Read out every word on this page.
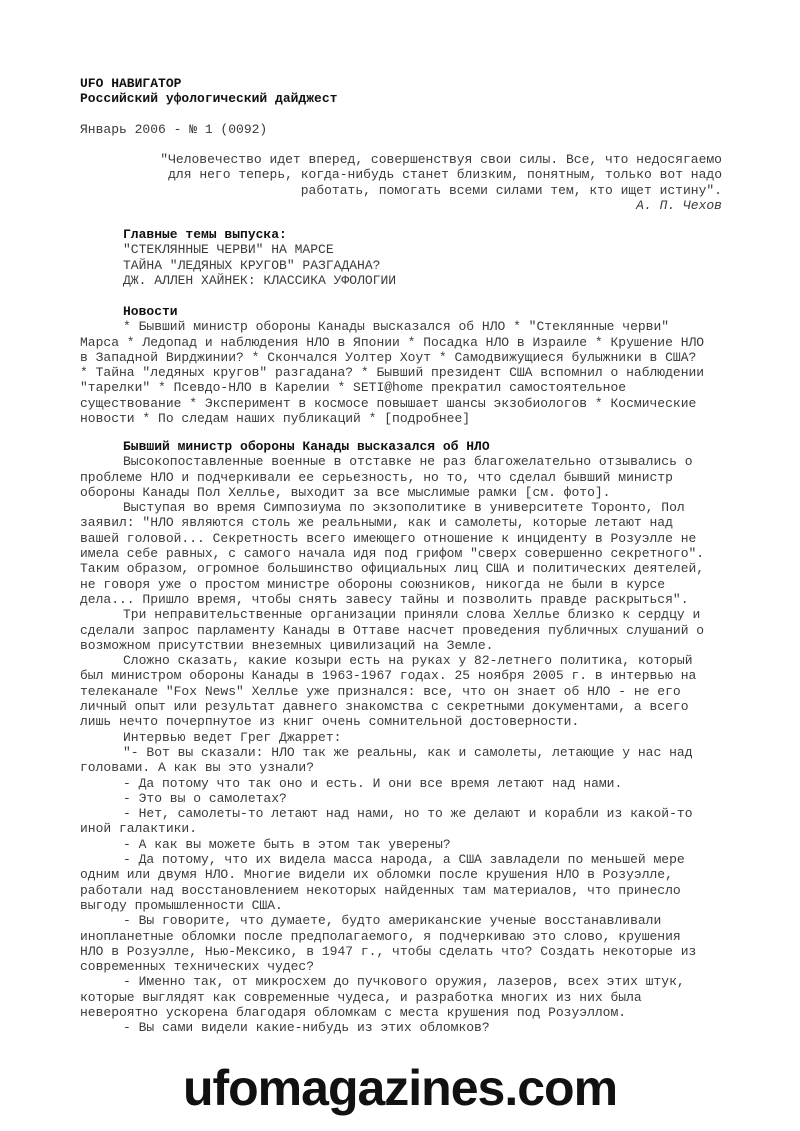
UFO НАВИГАТОР
Российский уфологический дайджест
Январь 2006 - № 1 (0092)
"Человечество идет вперед, совершенствуя свои силы. Все, что недосягаемо
для него теперь, когда-нибудь станет близким, понятным, только вот надо
работать, помогать всеми силами тем, кто ищет истину".
А. П. Чехов
Главные темы выпуска:
"СТЕКЛЯННЫЕ ЧЕРВИ" НА МАРСЕ
ТАЙНА "ЛЕДЯНЫХ КРУГОВ" РАЗГАДАНА?
ДЖ. АЛЛЕН ХАЙНЕК: КЛАССИКА УФОЛОГИИ
Новости
* Бывший министр обороны Канады высказался об НЛО * "Стеклянные черви"
Марса * Ледопад и наблюдения НЛО в Японии * Посадка НЛО в Израиле * Крушение НЛО
в Западной Вирджинии? * Скончался Уолтер Хоут * Самодвижущиеся булыжники в США?
* Тайна "ледяных кругов" разгадана? * Бывший президент США вспомнил о наблюдении
"тарелки" * Псевдо-НЛО в Карелии * SETI@home прекратил самостоятельное
существование * Эксперимент в космосе повышает шансы экзобиологов * Космические
новости * По следам наших публикаций * [подробнее]
Бывший министр обороны Канады высказался об НЛО
Высокопоставленные военные в отставке не раз благожелательно отзывались о
проблеме НЛО и подчеркивали ее серьезность, но то, что сделал бывший министр
обороны Канады Пол Хеллье, выходит за все мыслимые рамки [см. фото].
Выступая во время Симпозиума по экзополитике в университете Торонто, Пол
заявил: "НЛО являются столь же реальными, как и самолеты, которые летают над
вашей головой... Секретность всего имеющего отношение к инциденту в Розуэлле не
имела себе равных, с самого начала идя под грифом "сверх совершенно секретного".
Таким образом, огромное большинство официальных лиц США и политических деятелей,
не говоря уже о простом министре обороны союзников, никогда не были в курсе
дела... Пришло время, чтобы снять завесу тайны и позволить правде раскрыться".
Три неправительственные организации приняли слова Хеллье близко к сердцу и
сделали запрос парламенту Канады в Оттаве насчет проведения публичных слушаний о
возможном присутствии внеземных цивилизаций на Земле.
Сложно сказать, какие козыри есть на руках у 82-летнего политика, который
был министром обороны Канады в 1963-1967 годах. 25 ноября 2005 г. в интервью на
телеканале "Fox News" Хеллье уже признался: все, что он знает об НЛО - не его
личный опыт или результат давнего знакомства с секретными документами, а всего
лишь нечто почерпнутое из книг очень сомнительной достоверности.
Интервью ведет Грег Джаррет:
"- Вот вы сказали: НЛО так же реальны, как и самолеты, летающие у нас над
головами. А как вы это узнали?
- Да потому что так оно и есть. И они все время летают над нами.
- Это вы о самолетах?
- Нет, самолеты-то летают над нами, но то же делают и корабли из какой-то
иной галактики.
- А как вы можете быть в этом так уверены?
- Да потому, что их видела масса народа, а США завладели по меньшей мере
одним или двумя НЛО. Многие видели их обломки после крушения НЛО в Розуэлле,
работали над восстановлением некоторых найденных там материалов, что принесло
выгоду промышленности США.
- Вы говорите, что думаете, будто американские ученые восстанавливали
инопланетные обломки после предполагаемого, я подчеркиваю это слово, крушения
НЛО в Розуэлле, Нью-Мексико, в 1947 г., чтобы сделать что? Создать некоторые из
современных технических чудес?
- Именно так, от микросхем до пучкового оружия, лазеров, всех этих штук,
которые выглядят как современные чудеса, и разработка многих из них была
невероятно ускорена благодаря обломкам с места крушения под Розуэллом.
- Вы сами видели какие-нибудь из этих обломков?
ufomagazines.com
